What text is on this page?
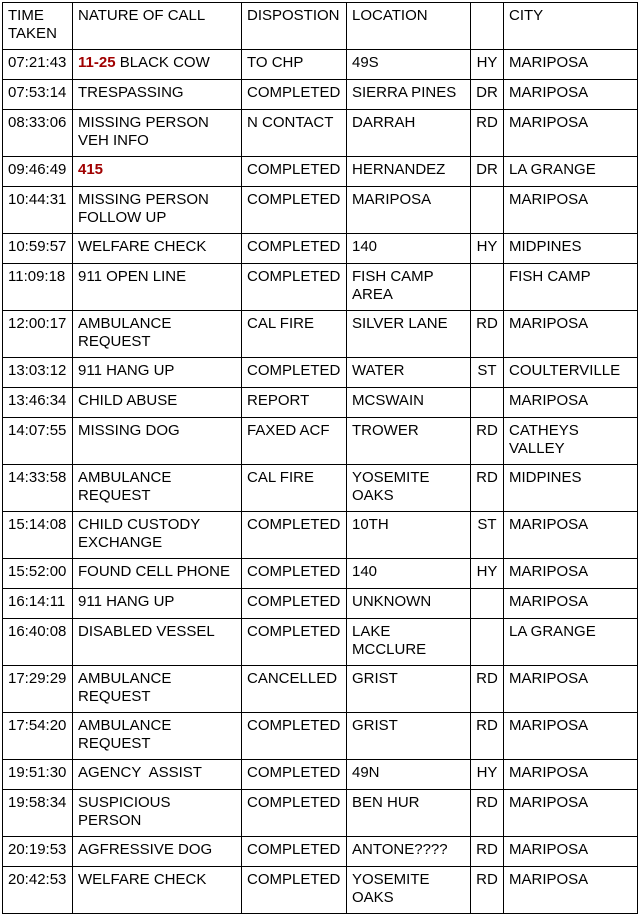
TIME TAKEN	NATURE OF CALL	DISPOSTION	LOCATION		CITY
07:21:43	11-25 BLACK COW	TO CHP	49S	HY	MARIPOSA
07:53:14	TRESPASSING	COMPLETED	SIERRA PINES	DR	MARIPOSA
08:33:06	MISSING PERSON VEH INFO	N CONTACT	DARRAH	RD	MARIPOSA
09:46:49	415	COMPLETED	HERNANDEZ	DR	LA GRANGE
10:44:31	MISSING PERSON FOLLOW UP	COMPLETED	MARIPOSA		MARIPOSA
10:59:57	WELFARE CHECK	COMPLETED	140	HY	MIDPINES
11:09:18	911 OPEN LINE	COMPLETED	FISH CAMP AREA		FISH CAMP
12:00:17	AMBULANCE REQUEST	CAL FIRE	SILVER LANE	RD	MARIPOSA
13:03:12	911 HANG UP	COMPLETED	WATER	ST	COULTERVILLE
13:46:34	CHILD ABUSE	REPORT	MCSWAIN		MARIPOSA
14:07:55	MISSING DOG	FAXED ACF	TROWER	RD	CATHEYS VALLEY
14:33:58	AMBULANCE REQUEST	CAL FIRE	YOSEMITE OAKS	RD	MIDPINES
15:14:08	CHILD CUSTODY EXCHANGE	COMPLETED	10TH	ST	MARIPOSA
15:52:00	FOUND CELL PHONE	COMPLETED	140	HY	MARIPOSA
16:14:11	911 HANG UP	COMPLETED	UNKNOWN		MARIPOSA
16:40:08	DISABLED VESSEL	COMPLETED	LAKE MCCLURE		LA GRANGE
17:29:29	AMBULANCE REQUEST	CANCELLED	GRIST	RD	MARIPOSA
17:54:20	AMBULANCE REQUEST	COMPLETED	GRIST	RD	MARIPOSA
19:51:30	AGENCY  ASSIST	COMPLETED	49N	HY	MARIPOSA
19:58:34	SUSPICIOUS PERSON	COMPLETED	BEN HUR	RD	MARIPOSA
20:19:53	AGFRESSIVE DOG	COMPLETED	ANTONE????	RD	MARIPOSA
20:42:53	WELFARE CHECK	COMPLETED	YOSEMITE OAKS	RD	MARIPOSA
